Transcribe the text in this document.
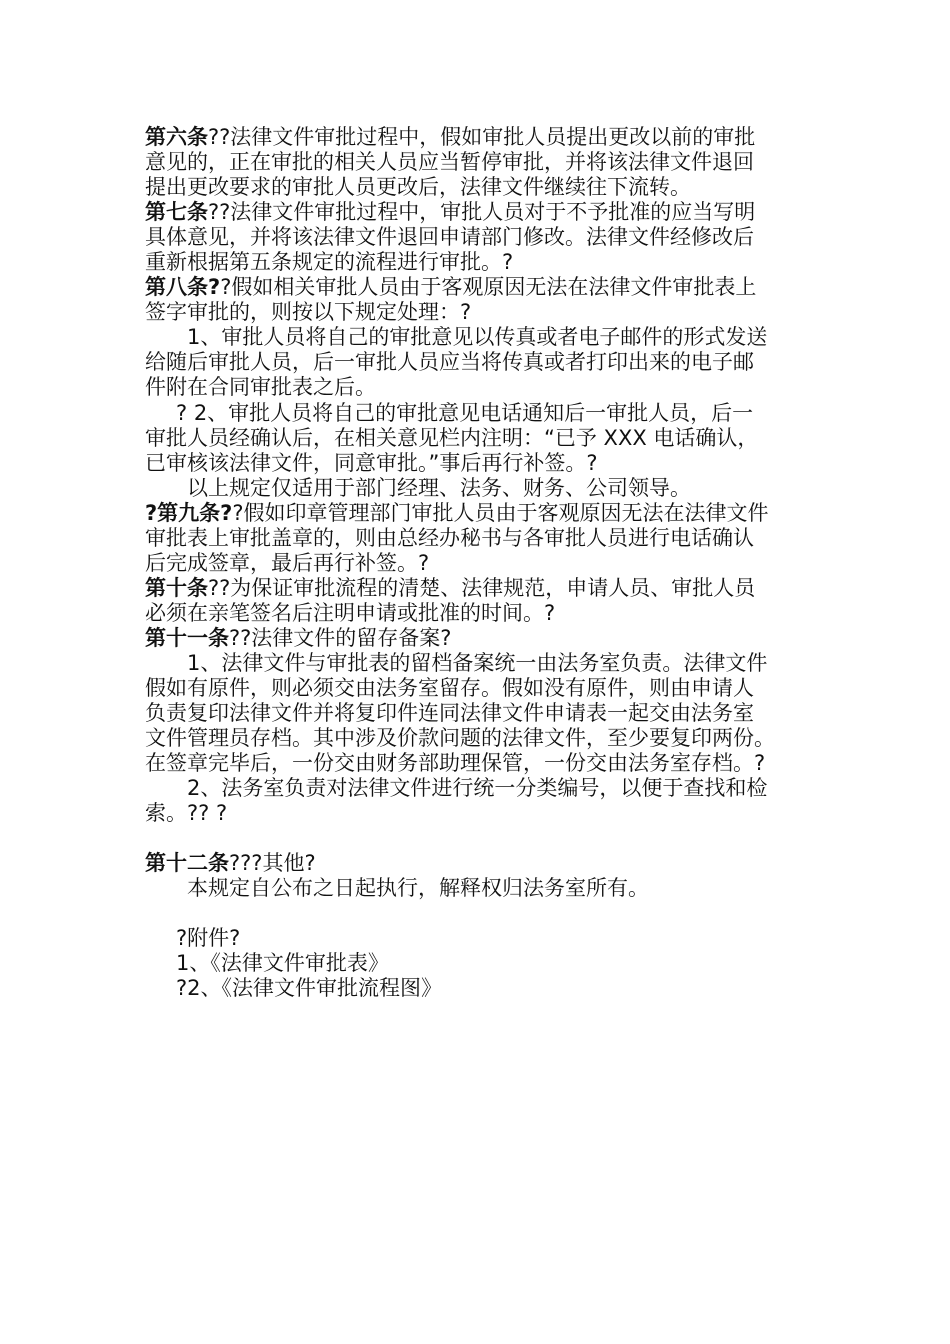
第六条??法律文件审批过程中，假如审批人员提出更改以前的审批
意见的，正在审批的相关人员应当暂停审批，并将该法律文件退回
提出更改要求的审批人员更改后，法律文件继续往下流转。
第七条??法律文件审批过程中，审批人员对于不予批准的应当写明
具体意见，并将该法律文件退回申请部门修改。法律文件经修改后
重新根据第五条规定的流程进行审批。?
第八条??假如相关审批人员由于客观原因无法在法律文件审批表上
签字审批的，则按以下规定处理：?
1、审批人员将自己的审批意见以传真或者电子邮件的形式发送
给随后审批人员，后一审批人员应当将传真或者打印出来的电子邮
件附在合同审批表之后。
? 2、审批人员将自己的审批意见电话通知后一审批人员，后一
审批人员经确认后，在相关意见栏内注明：“已予 XXX 电话确认，
已审核该法律文件，同意审批。”事后再行补签。?
以上规定仅适用于部门经理、法务、财务、公司领导。
?第九条??假如印章管理部门审批人员由于客观原因无法在法律文件
审批表上审批盖章的，则由总经办秘书与各审批人员进行电话确认
后完成签章，最后再行补签。?
第十条??为保证审批流程的清楚、法律规范，申请人员、审批人员
必须在亲笔签名后注明申请或批准的时间。?
第十一条??法律文件的留存备案?
1、法律文件与审批表的留档备案统一由法务室负责。法律文件
假如有原件，则必须交由法务室留存。假如没有原件，则由申请人
负责复印法律文件并将复印件连同法律文件申请表一起交由法务室
文件管理员存档。其中涉及价款问题的法律文件，至少要复印两份。
在签章完毕后，一份交由财务部助理保管，一份交由法务室存档。?
2、法务室负责对法律文件进行统一分类编号，以便于查找和检
索。?? ?
第十二条???其他?
本规定自公布之日起执行，解释权归法务室所有。
?附件?
1、《法律文件审批表》
?2、《法律文件审批流程图》
